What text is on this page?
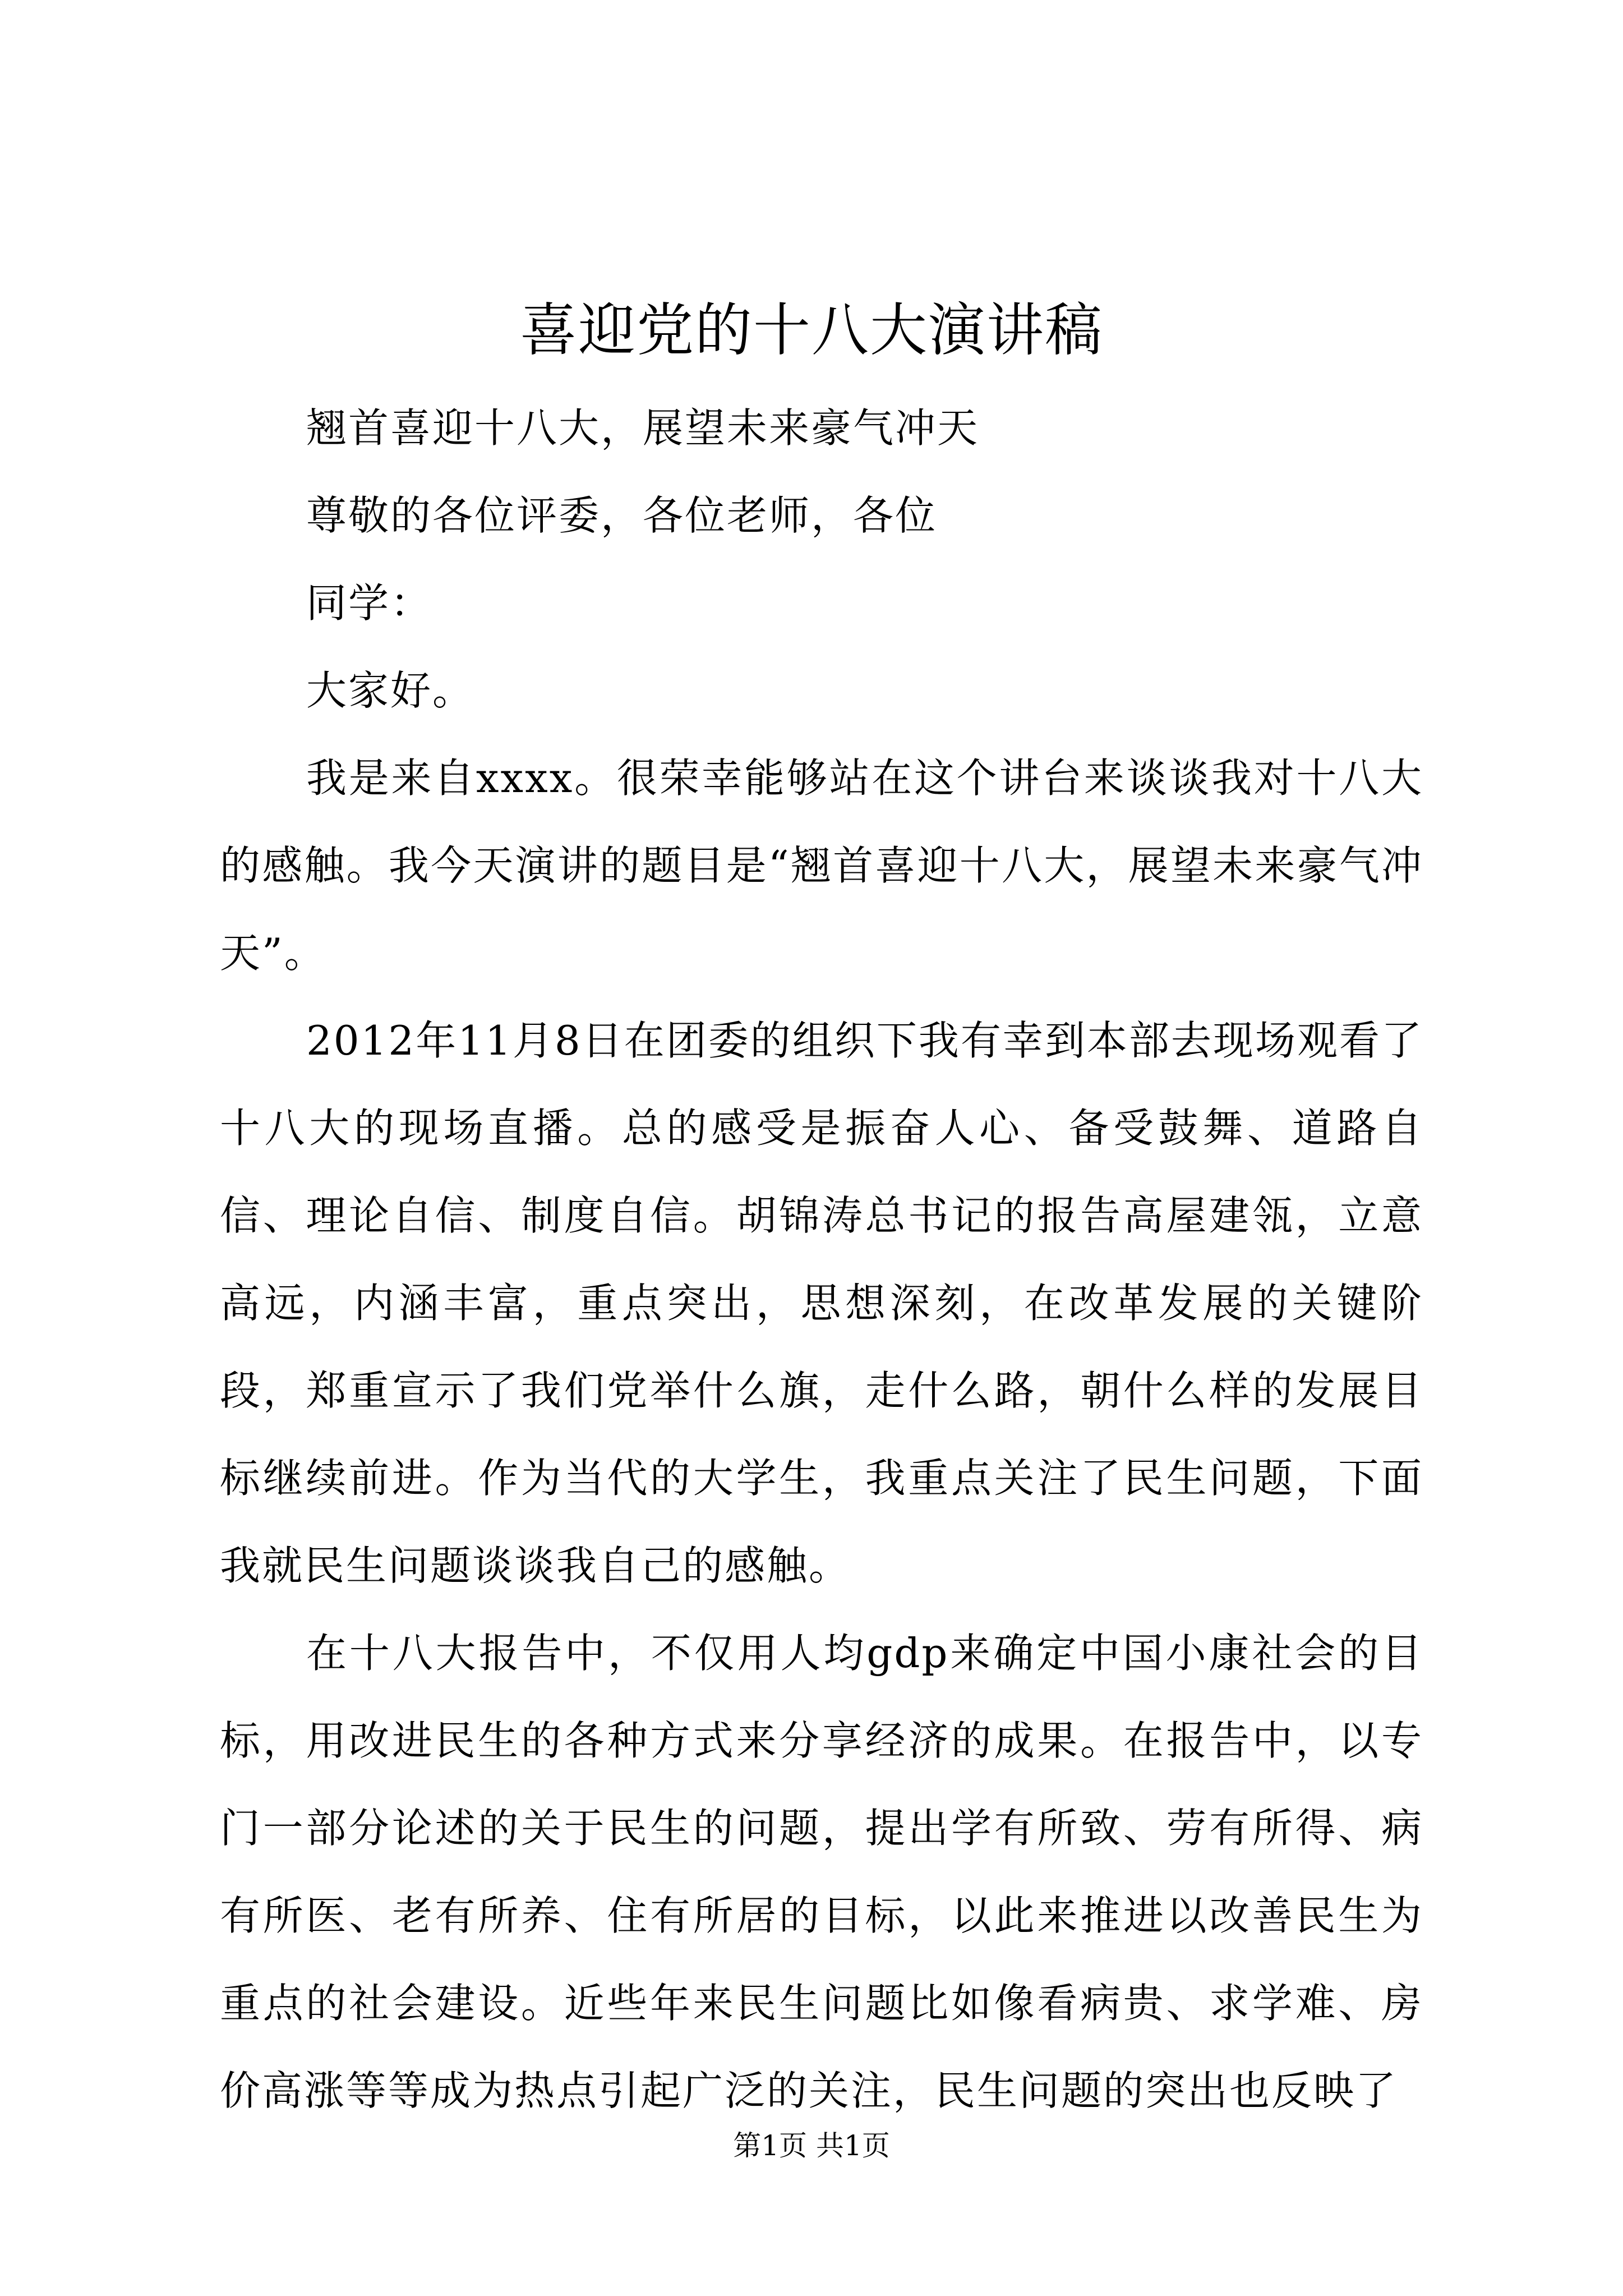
喜迎党的十八大演讲稿

翘首喜迎十八大，展望未来豪气冲天

尊敬的各位评委，各位老师，各位

同学：

大家好。

我是来自xxxx。很荣幸能够站在这个讲台来谈谈我对十八大的感触。我今天演讲的题目是“翘首喜迎十八大，展望未来豪气冲天”。

2012年11月8日在团委的组织下我有幸到本部去现场观看了十八大的现场直播。总的感受是振奋人心、备受鼓舞、道路自信、理论自信、制度自信。胡锦涛总书记的报告高屋建瓴，立意高远，内涵丰富，重点突出，思想深刻，在改革发展的关键阶段，郑重宣示了我们党举什么旗，走什么路，朝什么样的发展目标继续前进。作为当代的大学生，我重点关注了民生问题，下面我就民生问题谈谈我自己的感触。

在十八大报告中，不仅用人均gdp来确定中国小康社会的目标，用改进民生的各种方式来分享经济的成果。在报告中，以专门一部分论述的关于民生的问题，提出学有所致、劳有所得、病有所医、老有所养、住有所居的目标，以此来推进以改善民生为重点的社会建设。近些年来民生问题比如像看病贵、求学难、房价高涨等等成为热点引起广泛的关注，民生问题的突出也反映了

第1页 共1页
